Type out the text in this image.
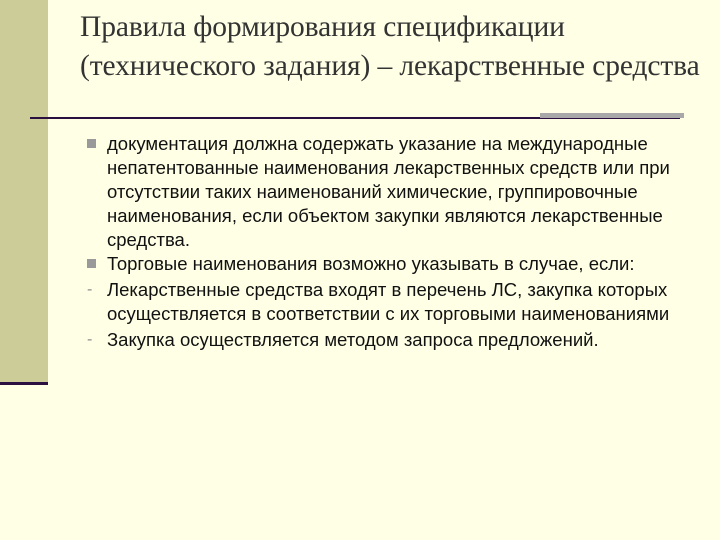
Правила формирования спецификации (технического задания) – лекарственные средства
документация должна содержать указание на международные непатентованные наименования лекарственных средств или при отсутствии таких наименований химические, группировочные наименования, если объектом закупки являются лекарственные средства.
Торговые наименования возможно указывать в случае, если:
- Лекарственные средства входят в перечень ЛС, закупка которых осуществляется в соответствии с их торговыми наименованиями
- Закупка осуществляется методом запроса предложений.
